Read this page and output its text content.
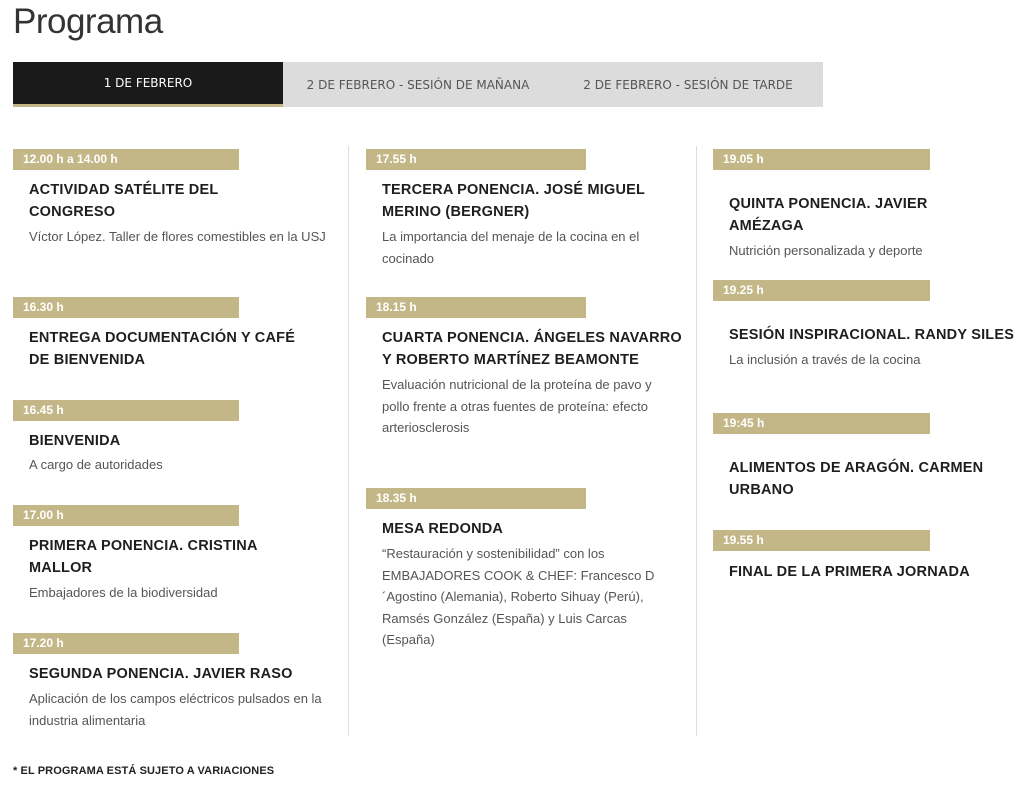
Programa
1 DE FEBRERO	2 DE FEBRERO - SESIÓN DE MAÑANA	2 DE FEBRERO - SESIÓN DE TARDE
12.00 h a 14.00 h
ACTIVIDAD SATÉLITE DEL CONGRESO
Víctor López. Taller de flores comestibles en la USJ
16.30 h
ENTREGA DOCUMENTACIÓN Y CAFÉ DE BIENVENIDA
16.45 h
BIENVENIDA
A cargo de autoridades
17.00 h
PRIMERA PONENCIA. CRISTINA MALLOR
Embajadores de la biodiversidad
17.20 h
SEGUNDA PONENCIA. JAVIER RASO
Aplicación de los campos eléctricos pulsados en la industria alimentaria
17.55 h
TERCERA PONENCIA. JOSÉ MIGUEL MERINO (BERGNER)
La importancia del menaje de la cocina en el cocinado
18.15 h
CUARTA PONENCIA. ÁNGELES NAVARRO Y ROBERTO MARTÍNEZ BEAMONTE
Evaluación nutricional de la proteína de pavo y pollo frente a otras fuentes de proteína: efecto arteriosclerosis
18.35 h
MESA REDONDA
“Restauración y sostenibilidad” con los EMBAJADORES COOK & CHEF: Francesco D´Agostino (Alemania), Roberto Sihuay (Perú), Ramsés González (España) y Luis Carcas (España)
19.05 h
QUINTA PONENCIA. JAVIER AMÉZAGA
Nutrición personalizada y deporte
19.25 h
SESIÓN INSPIRACIONAL. RANDY SILES
La inclusión a través de la cocina
19:45 h
ALIMENTOS DE ARAGÓN. CARMEN URBANO
19.55 h
FINAL DE LA PRIMERA JORNADA
* EL PROGRAMA ESTÁ SUJETO A VARIACIONES
